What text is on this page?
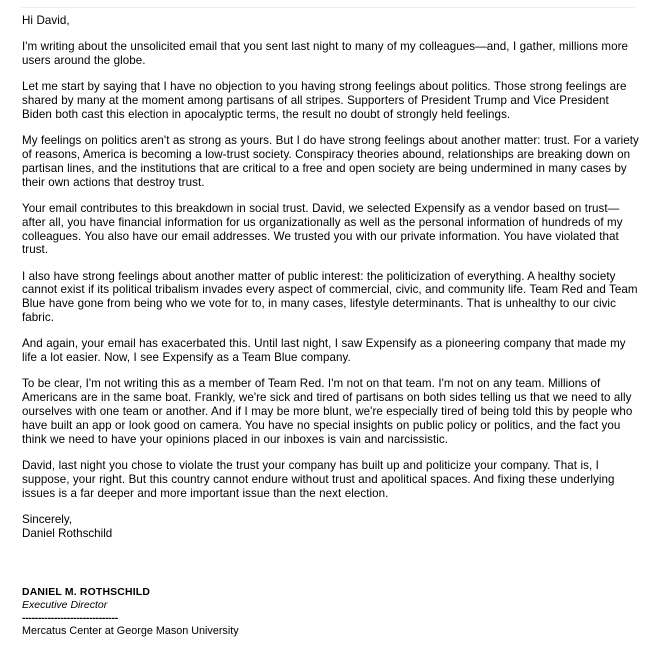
Hi David,

I'm writing about the unsolicited email that you sent last night to many of my colleagues—and, I gather, millions more users around the globe.

Let me start by saying that I have no objection to you having strong feelings about politics. Those strong feelings are shared by many at the moment among partisans of all stripes. Supporters of President Trump and Vice President Biden both cast this election in apocalyptic terms, the result no doubt of strongly held feelings.

My feelings on politics aren't as strong as yours. But I do have strong feelings about another matter: trust. For a variety of reasons, America is becoming a low-trust society. Conspiracy theories abound, relationships are breaking down on partisan lines, and the institutions that are critical to a free and open society are being undermined in many cases by their own actions that destroy trust.

Your email contributes to this breakdown in social trust. David, we selected Expensify as a vendor based on trust—after all, you have financial information for us organizationally as well as the personal information of hundreds of my colleagues. You also have our email addresses. We trusted you with our private information. You have violated that trust.

I also have strong feelings about another matter of public interest: the politicization of everything. A healthy society cannot exist if its political tribalism invades every aspect of commercial, civic, and community life. Team Red and Team Blue have gone from being who we vote for to, in many cases, lifestyle determinants. That is unhealthy to our civic fabric.

And again, your email has exacerbated this. Until last night, I saw Expensify as a pioneering company that made my life a lot easier. Now, I see Expensify as a Team Blue company.

To be clear, I'm not writing this as a member of Team Red. I'm not on that team. I'm not on any team. Millions of Americans are in the same boat. Frankly, we're sick and tired of partisans on both sides telling us that we need to ally ourselves with one team or another. And if I may be more blunt, we're especially tired of being told this by people who have built an app or look good on camera. You have no special insights on public policy or politics, and the fact you think we need to have your opinions placed in our inboxes is vain and narcissistic.

David, last night you chose to violate the trust your company has built up and politicize your company. That is, I suppose, your right. But this country cannot endure without trust and apolitical spaces. And fixing these underlying issues is a far deeper and more important issue than the next election.

Sincerely,
Daniel Rothschild
DANIEL M. ROTHSCHILD
Executive Director
------------------------------
Mercatus Center at George Mason University
